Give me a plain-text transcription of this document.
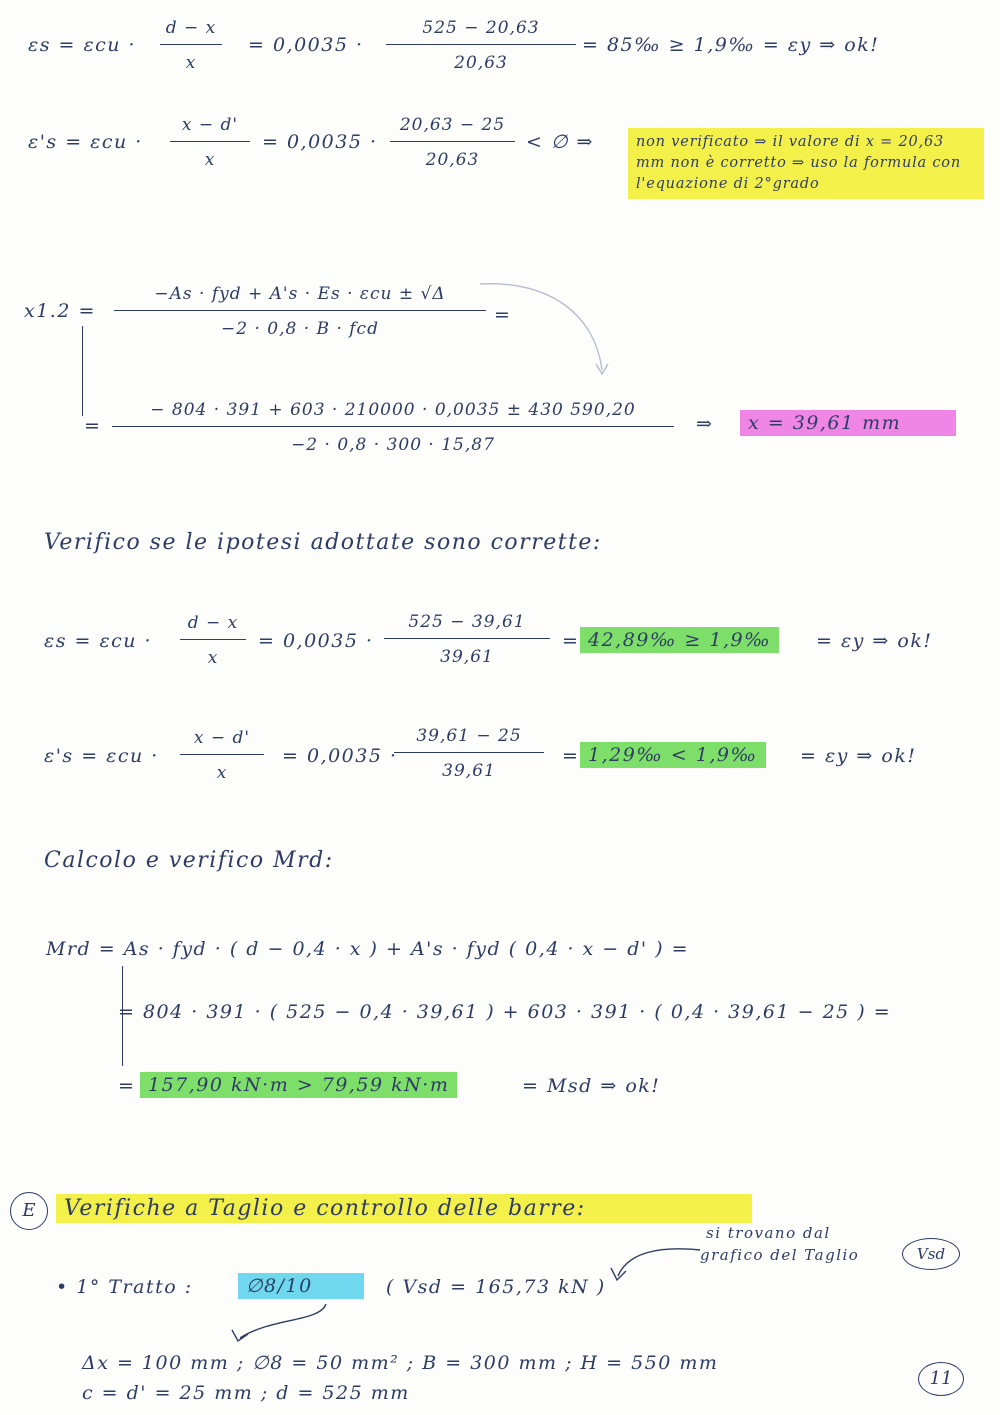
εs = εcu ·
d − x
x
= 0,0035 ·
525 − 20,63
20,63
= 85‰ ≥ 1,9‰ = εy ⇒ ok!
ε's = εcu ·
x − d'
x
= 0,0035 ·
20,63 − 25
20,63
< ∅ ⇒	non verificato ⇒ il valore di x = 20,63 mm non è corretto ⇒ uso la formula con l'equazione di 2°grado
x1.2 =
−As · fyd + A's · Es · εcu ± √Δ
−2 · 0,8 · B · fcd
=
=
− 804 · 391 + 603 · 210000 · 0,0035 ± 430 590,20
−2 · 0,8 · 300 · 15,87
⇒	x = 39,61 mm
Verifico se le ipotesi adottate sono corrette:
εs = εcu ·
d − x
x
= 0,0035 ·
525 − 39,61
39,61
= 42,89‰ ≥ 1,9‰	= εy ⇒ ok!
ε's = εcu ·
x − d'
x
= 0,0035 ·
39,61 − 25
39,61
= 1,29‰ < 1,9‰	= εy ⇒ ok!
Calcolo e verifico Mrd:
Mrd = As · fyd · ( d − 0,4 · x ) + A's · fyd ( 0,4 · x − d' ) =
= 804 · 391 · ( 525 − 0,4 · 39,61 ) + 603 · 391 · ( 0,4 · 39,61 − 25 ) =
= 157,90 kN·m > 79,59 kN·m	= Msd ⇒ ok!
E	Verifiche a Taglio e controllo delle barre:
si trovano dal
grafico del Taglio	Vsd
• 1° Tratto :	∅8/10	( Vsd = 165,73 kN )
Δx = 100 mm ; ∅8 = 50 mm² ; B = 300 mm ; H = 550 mm
c = d' = 25 mm ; d = 525 mm
11
